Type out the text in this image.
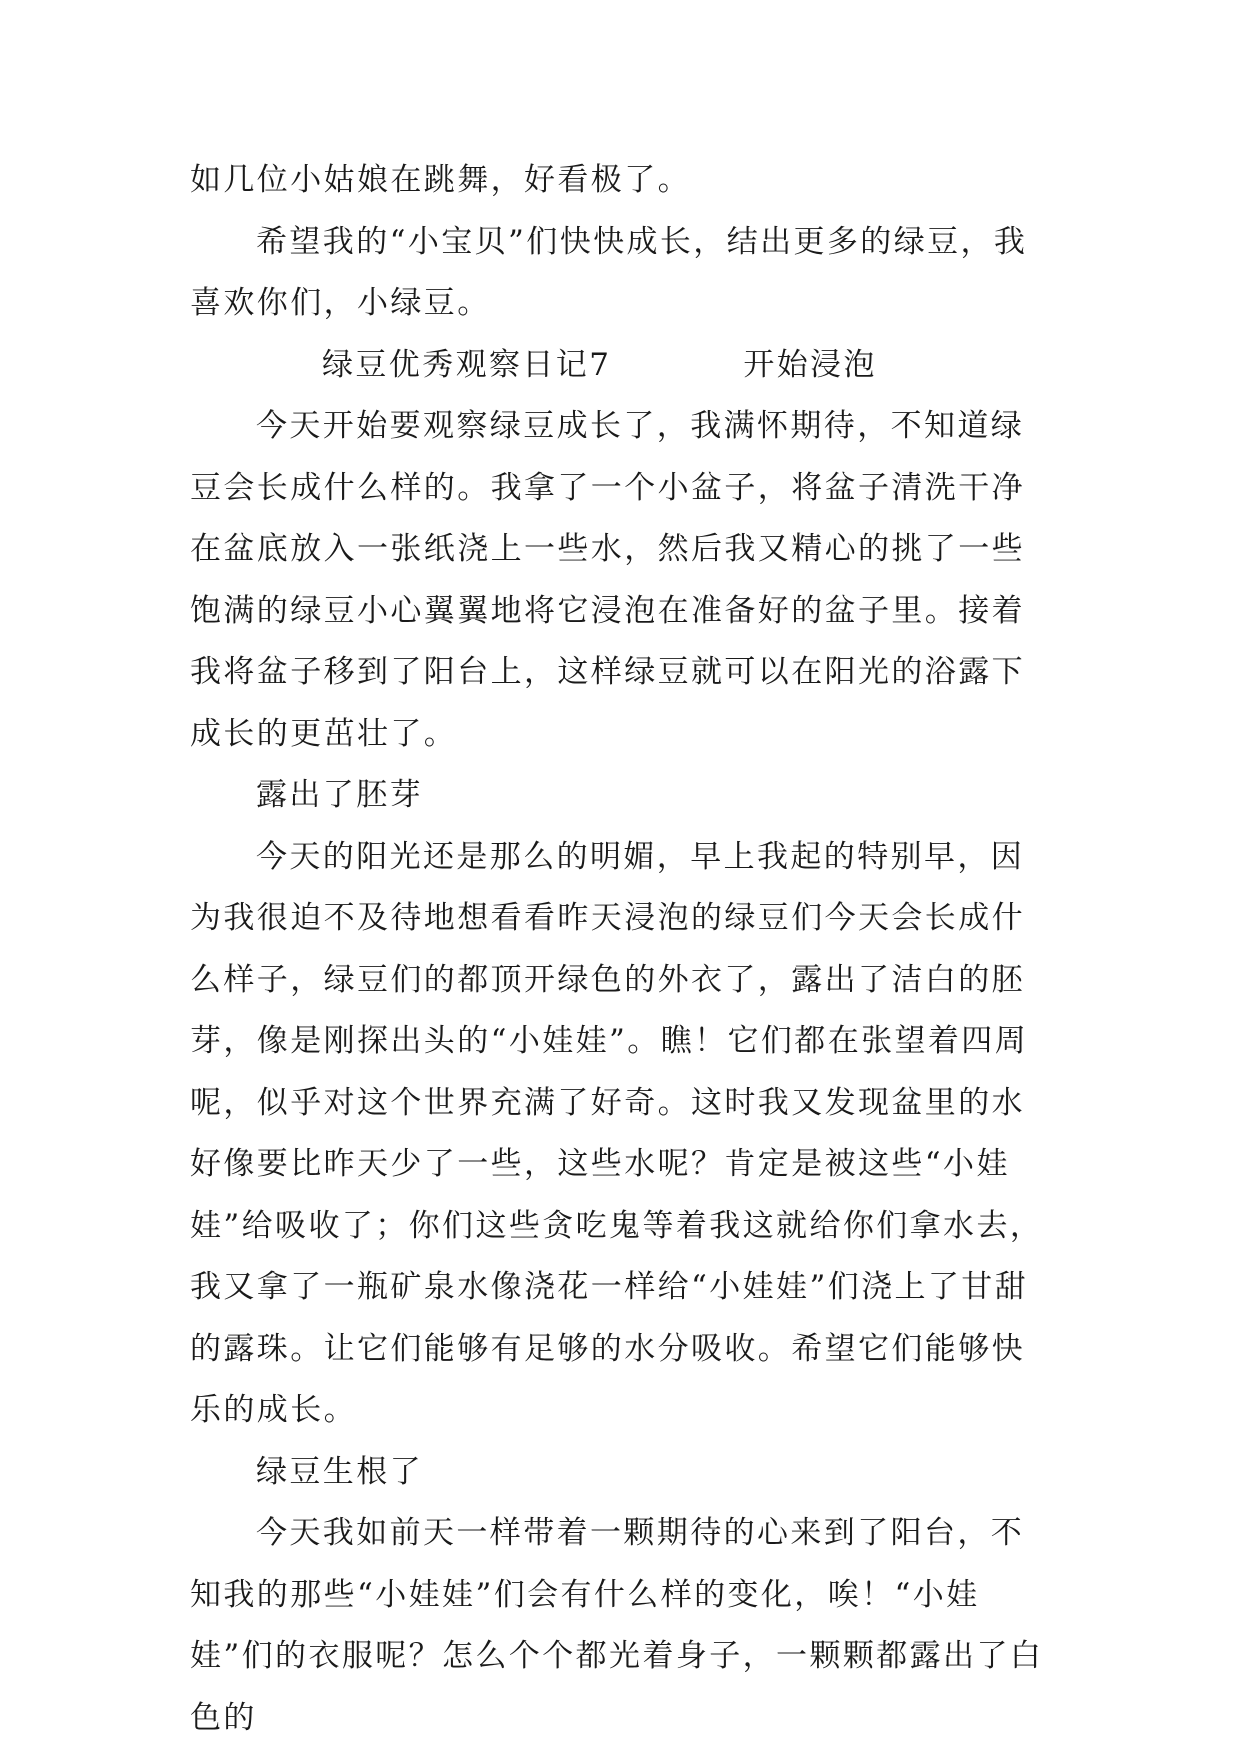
如几位小姑娘在跳舞，好看极了。

希望我的“小宝贝”们快快成长，结出更多的绿豆，我喜欢你们，小绿豆。

绿豆优秀观察日记7	开始浸泡

今天开始要观察绿豆成长了，我满怀期待，不知道绿豆会长成什么样的。我拿了一个小盆子，将盆子清洗干净在盆底放入一张纸浇上一些水，然后我又精心的挑了一些饱满的绿豆小心翼翼地将它浸泡在准备好的盆子里。接着我将盆子移到了阳台上，这样绿豆就可以在阳光的浴露下成长的更茁壮了。

露出了胚芽

今天的阳光还是那么的明媚，早上我起的特别早，因为我很迫不及待地想看看昨天浸泡的绿豆们今天会长成什么样子，绿豆们的都顶开绿色的外衣了，露出了洁白的胚芽，像是刚探出头的“小娃娃”。瞧！它们都在张望着四周呢，似乎对这个世界充满了好奇。这时我又发现盆里的水好像要比昨天少了一些，这些水呢？肯定是被这些“小娃娃”给吸收了；你们这些贪吃鬼等着我这就给你们拿水去，我又拿了一瓶矿泉水像浇花一样给“小娃娃”们浇上了甘甜的露珠。让它们能够有足够的水分吸收。希望它们能够快乐的成长。

绿豆生根了

今天我如前天一样带着一颗期待的心来到了阳台，不知我的那些“小娃娃”们会有什么样的变化，唉！“小娃娃”们的衣服呢？怎么个个都光着身子，一颗颗都露出了白色的
